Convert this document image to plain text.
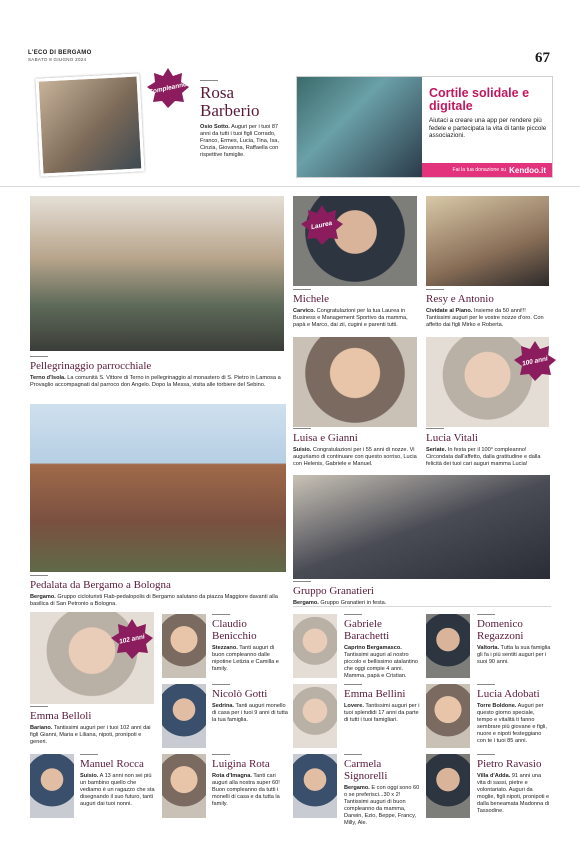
L'ECO DI BERGAMO
SABATO 8 GIUGNO 2024	67
Compleanno Rosa Barberio
Osio Sotto. Auguri per i tuoi 87 anni da tutti i tuoi figli Corrado, Franco, Ermes, Lucia, Tina, Isa, Cinzia, Giovanna, Raffaella con rispettive famiglie.
Cortile solidale e digitale
Aiutaci a creare una app per rendere più fedele e partecipata la vita di tante piccole associazioni.
Fai la tua donazione su Kendoo.it
Pellegrinaggio parrocchiale
Terno d'Isola. La comunità S. Vittore di Terno in pellegrinaggio al monastero di S. Pietro in Lamosa a Provaglio accompagnati dal parroco don Angelo. Dopo la Messa, visita alle torbiere del Sebino.
Laurea
Michele
Carvico. Congratulazioni per la tua Laurea in Business e Management Sportivo da mamma, papà e Marco, dai zii, cugini e parenti tutti.
Resy e Antonio
Cividate al Piano. Insieme da 50 anni!!! Tantissimi auguri per le vostre nozze d'oro. Con affetto dai figli Mirko e Roberta.
Luisa e Gianni
Suisio. Congratulazioni per i 55 anni di nozze. Vi auguriamo di continuare con questo sorriso, Lucia con Helenis, Gabriele e Manuel.
100 anni
Lucia Vitali
Seriate. In festa per il 100° compleanno! Circondata dall'affetto, dalla gratitudine e dalla felicità dei tuoi cari auguri mamma Lucia!
Pedalata da Bergamo a Bologna
Bergamo. Gruppo cicloturisti Flab-pedalopolis di Bergamo salutano da piazza Maggiore davanti alla basilica di San Petronio a Bologna.
Gruppo Granatieri
Bergamo. Gruppo Granatieri in festa.
102 anni
Emma Belloli
Bariano. Tantissimi auguri per i tuoi 102 anni dai figli Gianni, Maria e Liliana, nipoti, pronipoti e generi.
Claudio Benicchio
Stezzano. Tanti auguri di buon compleanno dalle nipotine Letizia e Camilla e family.
Gabriele Barachetti
Caprino Bergamasco. Tantissimi auguri al nostro piccolo e bellissimo atalantino che oggi compie 4 anni. Mamma, papà e Cristian.
Domenico Regazzoni
Valtorta. Tutta la sua famiglia gli fa i più sentiti auguri per i suoi 90 anni.
Nicolò Gotti
Sedrina. Tanti auguri monello di casa per i tuoi 9 anni di tutta la tua famiglia.
Emma Bellini
Lovere. Tantissimi auguri per i tuoi splendidi 17 anni da parte di tutti i tuoi famigliari.
Lucia Adobati
Torre Boldone. Auguri per questo giorno speciale, tempo e vitalità ti fanno sembrare più giovane e figli, nuore e nipoti festeggiano con te i tuoi 85 anni.
Manuel Rocca
Suisio. A 13 anni non sei più un bambino quello che vediamo è un ragazzo che sta disegnando il suo futuro, tanti auguri dai tuoi nonni.
Luigina Rota
Rota d'Imagna. Tanti cari auguri alla nostra super 60! Buon compleanno da tutti i monelli di casa e da tutta la family.
Carmela Signorelli
Bergamo. E con oggi sono 60 o se preferisci...30 x 2! Tantissimi auguri di buon compleanno da mamma, Darwin, Ezio, Beppe, Francy, Milly, Ale.
Pietro Ravasio
Villa d'Adda. 91 anni una vita di sassi, pietre e volontariato. Auguri da moglie, figli nipoti, pronipoti e dalla beneamata Madonna di Tassodine.
